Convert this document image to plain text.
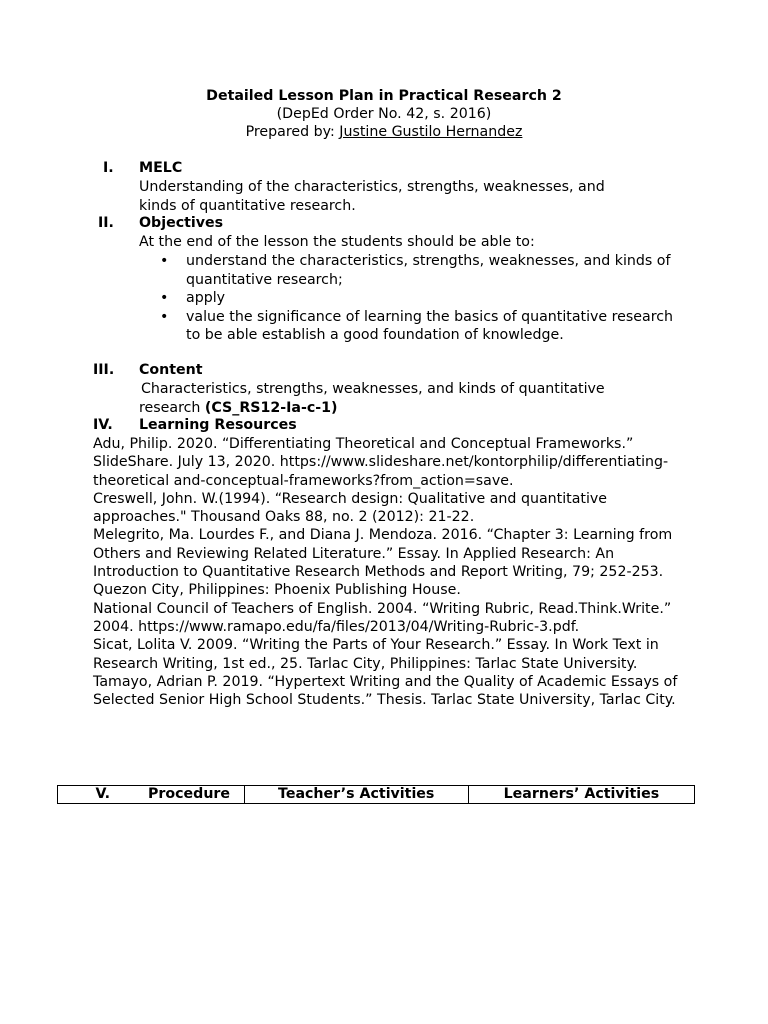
Detailed Lesson Plan in Practical Research 2
(DepEd Order No. 42, s. 2016)
Prepared by: Justine Gustilo Hernandez
I.	MELC
Understanding of the characteristics, strengths, weaknesses, and
kinds of quantitative research.
II.	Objectives
At the end of the lesson the students should be able to:
• understand the characteristics, strengths, weaknesses, and kinds of quantitative research;
• apply
• value the significance of learning the basics of quantitative research to be able establish a good foundation of knowledge.
III.	Content
Characteristics, strengths, weaknesses, and kinds of quantitative
research (CS_RS12-Ia-c-1)
IV.	Learning Resources

Adu, Philip. 2020. “Differentiating Theoretical and Conceptual Frameworks.” SlideShare. July 13, 2020. https://www.slideshare.net/kontorphilip/differentiating-theoretical and-conceptual-frameworks?from_action=save.

Creswell, John. W.(1994). “Research design: Qualitative and quantitative approaches." Thousand Oaks 88, no. 2 (2012): 21-22.

Melegrito, Ma. Lourdes F., and Diana J. Mendoza. 2016. “Chapter 3: Learning from Others and Reviewing Related Literature.” Essay. In Applied Research: An Introduction to Quantitative Research Methods and Report Writing, 79; 252-253. Quezon City, Philippines: Phoenix Publishing House.

National Council of Teachers of English. 2004. “Writing Rubric, Read.Think.Write.” 2004. https://www.ramapo.edu/fa/files/2013/04/Writing-Rubric-3.pdf.

Sicat, Lolita V. 2009. “Writing the Parts of Your Research.” Essay. In Work Text in Research Writing, 1st ed., 25. Tarlac City, Philippines: Tarlac State University.

Tamayo, Adrian P. 2019. “Hypertext Writing and the Quality of Academic Essays of Selected Senior High School Students.” Thesis. Tarlac State University, Tarlac City.

V.	Procedure	Teacher’s Activities	Learners’ Activities
